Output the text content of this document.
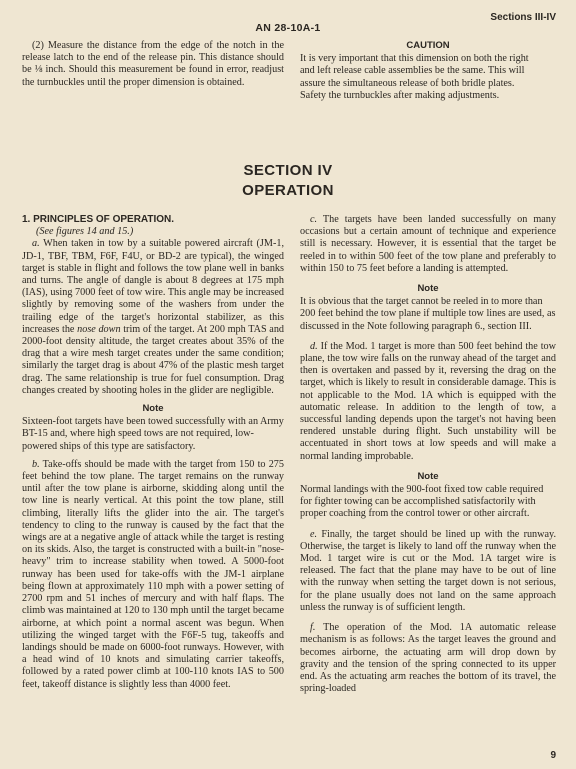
Sections III-IV
AN 28-10A-1

(2) Measure the distance from the edge of the notch in the release latch to the end of the release pin. This distance should be ⅛ inch. Should this measurement be found in error, readjust the turnbuckles until the proper dimension is obtained.

CAUTION

It is very important that this dimension on both the right and left release cable assemblies be the same. This will assure the simultaneous release of both bridle plates. Safety the turnbuckles after making adjustments.

SECTION IV
OPERATION
1. PRINCIPLES OF OPERATION.

(See figures 14 and 15.)

a. When taken in tow by a suitable powered aircraft (JM-1, JD-1, TBF, TBM, F6F, F4U, or BD-2 are typical), the winged target is stable in flight and follows the tow plane well in banks and turns. The angle of dangle is about 8 degrees at 175 mph (IAS), using 7000 feet of tow wire. This angle may be increased slightly by removing some of the washers from under the trailing edge of the target's horizontal stabilizer, as this increases the nose down trim of the target. At 200 mph TAS and 2000-foot density altitude, the target creates about 35% of the drag that a wire mesh target creates under the same condition; similarly the target drag is about 47% of the plastic mesh target drag. The same relationship is true for fuel consumption. Drag changes created by shooting holes in the glider are negligible.

Note

Sixteen-foot targets have been towed successfully with an Army BT-15 and, where high speed tows are not required, low-powered ships of this type are satisfactory.

b. Take-offs should be made with the target from 150 to 275 feet behind the tow plane. The target remains on the runway until after the tow plane is airborne, skidding along until the tow line is nearly vertical. At this point the tow plane, still climbing, literally lifts the glider into the air. The target's tendency to cling to the runway is caused by the fact that the wings are at a negative angle of attack while the target is resting on its skids. Also, the target is constructed with a built-in "nose-heavy" trim to increase stability when towed. A 5000-foot runway has been used for take-offs with the JM-1 airplane being flown at approximately 110 mph with a power setting of 2700 rpm and 51 inches of mercury and with half flaps. The climb was maintained at 120 to 130 mph until the target became airborne, at which point a normal ascent was begun. When utilizing the winged target with the F6F-5 tug, takeoffs and landings should be made on 6000-foot runways. However, with a head wind of 10 knots and simulating carrier takeoffs, followed by a rated power climb at 100-110 knots IAS to 500 feet, takeoff distance is slightly less than 4000 feet.

c. The targets have been landed successfully on many occasions but a certain amount of technique and experience still is necessary. However, it is essential that the target be reeled in to within 500 feet of the tow plane and preferably to within 150 to 75 feet before a landing is attempted.

Note

It is obvious that the target cannot be reeled in to more than 200 feet behind the tow plane if multiple tow lines are used, as discussed in the Note following paragraph 6., section III.

d. If the Mod. 1 target is more than 500 feet behind the tow plane, the tow wire falls on the runway ahead of the target and then is overtaken and passed by it, reversing the drag on the target, which is likely to result in considerable damage. This is not applicable to the Mod. 1A which is equipped with the automatic release. In addition to the length of tow, a successful landing depends upon the target's not having been rendered unstable during flight. Such unstability will be accentuated in short tows at low speeds and will make a normal landing improbable.

Note

Normal landings with the 900-foot fixed tow cable required for fighter towing can be accomplished satisfactorily with proper coaching from the control tower or other aircraft.

e. Finally, the target should be lined up with the runway. Otherwise, the target is likely to land off the runway when the Mod. 1 target wire is cut or the Mod. 1A target wire is released. The fact that the plane may have to be out of line with the runway when setting the target down is not serious, for the plane usually does not land on the same approach unless the runway is of sufficient length.

f. The operation of the Mod. 1A automatic release mechanism is as follows: As the target leaves the ground and becomes airborne, the actuating arm will drop down by gravity and the tension of the spring connected to its upper end. As the actuating arm reaches the bottom of its travel, the spring-loaded

9
